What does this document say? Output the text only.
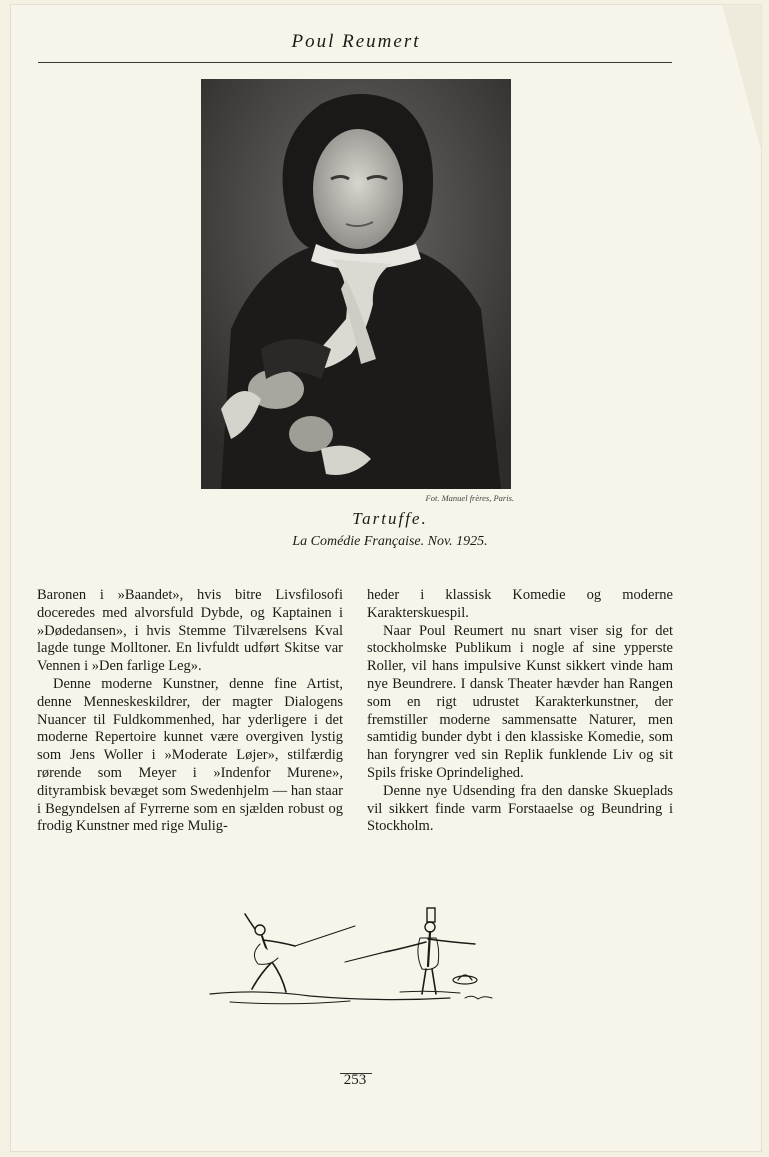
Poul Reumert
Fot. Manuel frères, Paris.
Tartuffe.
La Comédie Française. Nov. 1925.

Baronen i »Baandet», hvis bitre Livsfilosofi doceredes med alvorsfuld Dybde, og Kaptainen i »Dødedansen», i hvis Stemme Tilværelsens Kval lagde tunge Molltoner. En livfuldt udført Skitse var Vennen i »Den farlige Leg».

Denne moderne Kunstner, denne fine Artist, denne Menneskeskildrer, der magter Dialogens Nuancer til Fuldkommenhed, har yderligere i det moderne Repertoire kunnet være overgiven lystig som Jens Woller i »Moderate Løjer», stilfærdig rørende som Meyer i »Indenfor Murene», dityrambisk bevæget som Swedenhjelm — han staar i Begyndelsen af Fyrrerne som en sjælden robust og frodig Kunstner med rige Mulig-

heder i klassisk Komedie og moderne Karakterskuespil.

Naar Poul Reumert nu snart viser sig for det stockholmske Publikum i nogle af sine ypperste Roller, vil hans impulsive Kunst sikkert vinde ham nye Beundrere. I dansk Theater hævder han Rangen som en rigt udrustet Karakterkunstner, der fremstiller moderne sammensatte Naturer, men samtidig bunder dybt i den klassiske Komedie, som han foryngrer ved sin Replik funklende Liv og sit Spils friske Oprindelighed.

Denne nye Udsending fra den danske Skueplads vil sikkert finde varm Forstaaelse og Beundring i Stockholm.

253
